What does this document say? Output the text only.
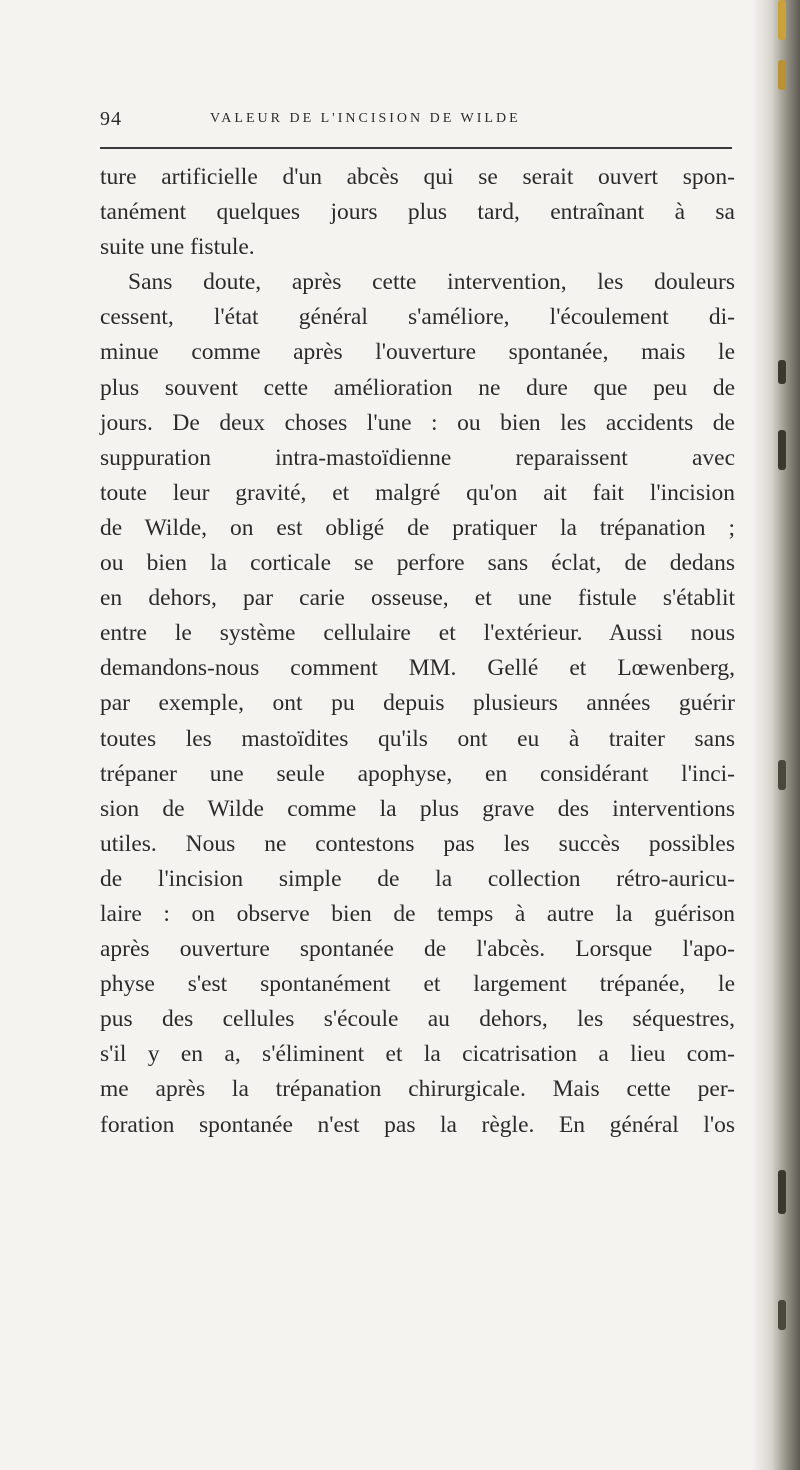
94	VALEUR DE L'INCISION DE WILDE
ture artificielle d'un abcès qui se serait ouvert spon-
tanément quelques jours plus tard, entraînant à sa
suite une fistule.
Sans doute, après cette intervention, les douleurs
cessent, l'état général s'améliore, l'écoulement di-
minue comme après l'ouverture spontanée, mais le
plus souvent cette amélioration ne dure que peu de
jours. De deux choses l'une : ou bien les accidents de
suppuration intra-mastoïdienne reparaissent avec
toute leur gravité, et malgré qu'on ait fait l'incision
de Wilde, on est obligé de pratiquer la trépanation ;
ou bien la corticale se perfore sans éclat, de dedans
en dehors, par carie osseuse, et une fistule s'établit
entre le système cellulaire et l'extérieur. Aussi nous
demandons-nous comment MM. Gellé et Lœwenberg,
par exemple, ont pu depuis plusieurs années guérir
toutes les mastoïdites qu'ils ont eu à traiter sans
trépaner une seule apophyse, en considérant l'inci-
sion de Wilde comme la plus grave des interventions
utiles. Nous ne contestons pas les succès possibles
de l'incision simple de la collection rétro-auricu-
laire : on observe bien de temps à autre la guérison
après ouverture spontanée de l'abcès. Lorsque l'apo-
physe s'est spontanément et largement trépanée, le
pus des cellules s'écoule au dehors, les séquestres,
s'il y en a, s'éliminent et la cicatrisation a lieu com-
me après la trépanation chirurgicale. Mais cette per-
foration spontanée n'est pas la règle. En général l'os
